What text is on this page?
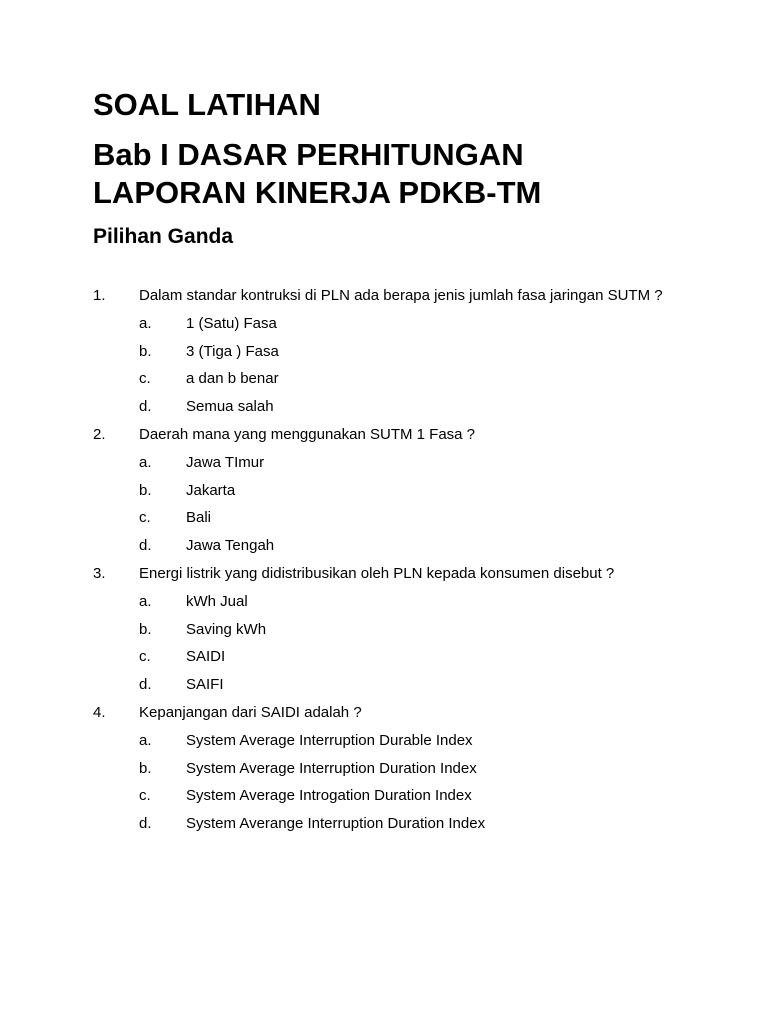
SOAL LATIHAN
Bab I DASAR PERHITUNGAN
LAPORAN KINERJA PDKB-TM
Pilihan Ganda
1. Dalam standar kontruksi di PLN ada berapa jenis jumlah fasa jaringan SUTM ?
a. 1 (Satu) Fasa
b. 3 (Tiga ) Fasa
c. a dan b benar
d. Semua salah
2. Daerah mana yang menggunakan SUTM 1 Fasa ?
a. Jawa TImur
b. Jakarta
c. Bali
d. Jawa Tengah
3. Energi listrik yang didistribusikan oleh PLN kepada konsumen disebut ?
a. kWh Jual
b. Saving kWh
c. SAIDI
d. SAIFI
4. Kepanjangan dari SAIDI adalah ?
a. System Average Interruption Durable Index
b. System Average Interruption Duration Index
c. System Average Introgation Duration Index
d. System Averange Interruption Duration Index
